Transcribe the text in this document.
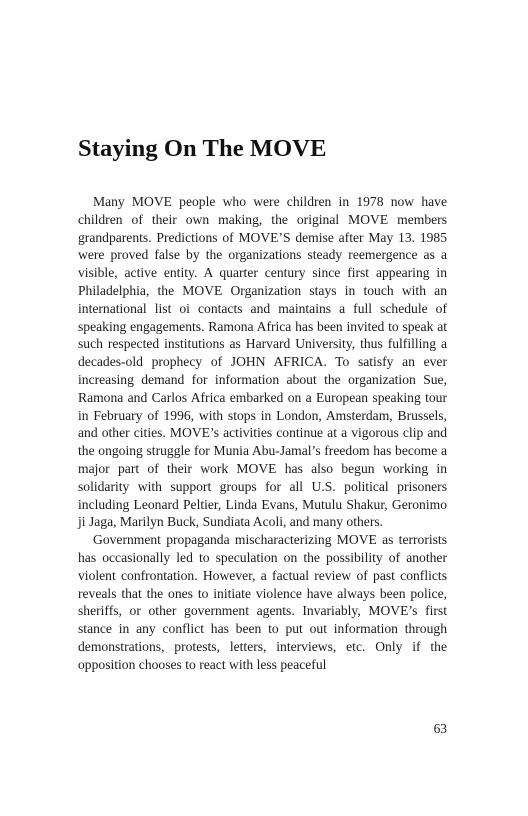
Staying On The MOVE

Many MOVE people who were children in 1978 now have children of their own making, the original MOVE members grandparents. Predictions of MOVE’S demise after May 13. 1985 were proved false by the organizations steady reemergence as a visible, active entity. A quarter century since first appearing in Philadelphia, the MOVE Organization stays in touch with an international list oi contacts and maintains a full schedule of speaking engagements. Ramona Africa has been invited to speak at such respected institutions as Harvard University, thus fulfilling a decades-old prophecy of JOHN AFRICA. To satisfy an ever increasing demand for information about the organization Sue, Ramona and Carlos Africa embarked on a European speaking tour in February of 1996, with stops in London, Amsterdam, Brussels, and other cities. MOVE’s activities continue at a vigorous clip and the ongoing struggle for Munia Abu-Jamal’s freedom has become a major part of their work MOVE has also begun working in solidarity with support groups for all U.S. political prisoners including Leonard Peltier, Linda Evans, Mutulu Shakur, Geronimo ji Jaga, Marilyn Buck, Sundiata Acoli, and many others.

Government propaganda mischaracterizing MOVE as terrorists has occasionally led to speculation on the possibility of another violent confrontation. However, a factual review of past conflicts reveals that the ones to initiate violence have always been police, sheriffs, or other government agents. Invariably, MOVE’s first stance in any conflict has been to put out information through demonstrations, protests, letters, interviews, etc. Only if the opposition chooses to react with less peaceful

63
